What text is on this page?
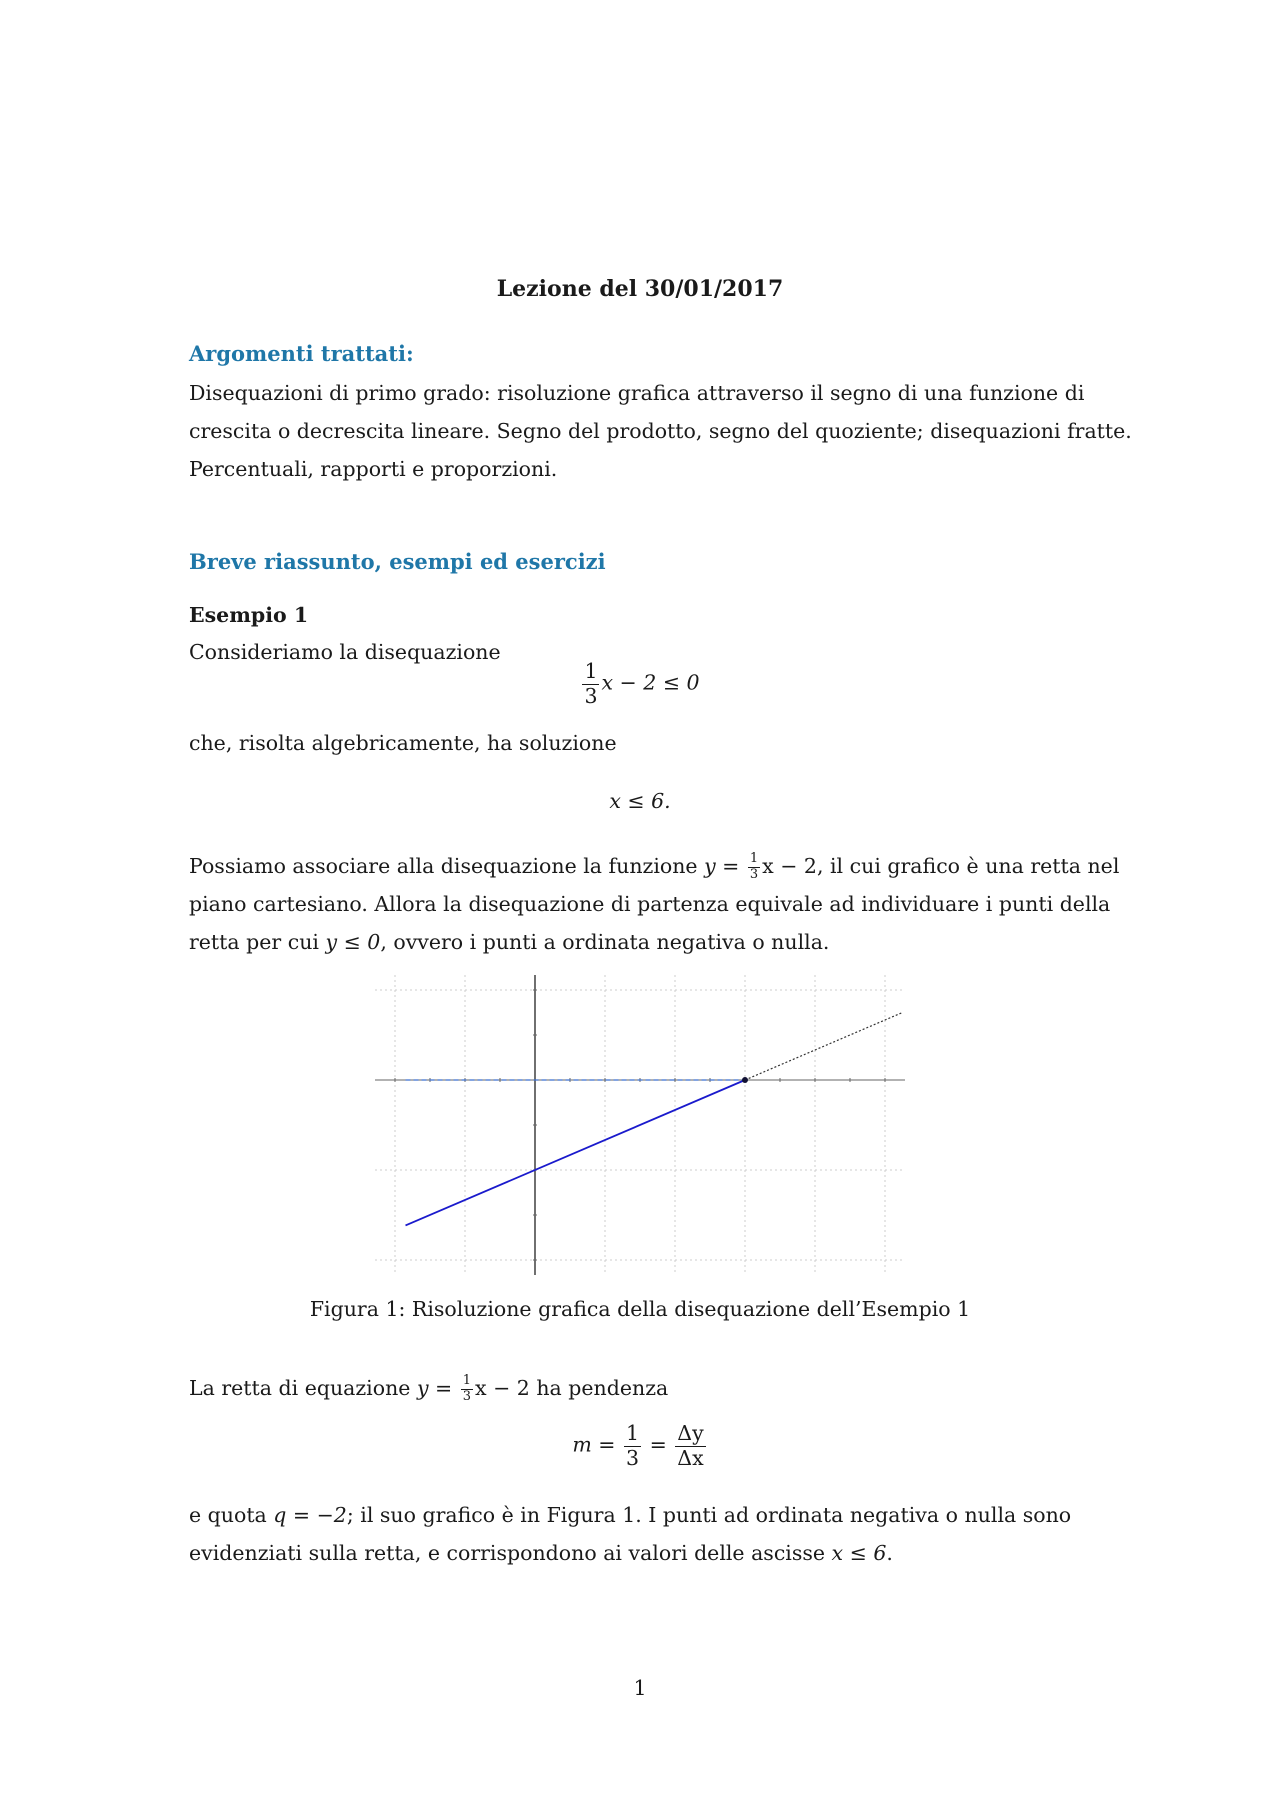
Lezione del 30/01/2017
Argomenti trattati:
Disequazioni di primo grado: risoluzione grafica attraverso il segno di una funzione di
crescita o decrescita lineare. Segno del prodotto, segno del quoziente; disequazioni fratte.
Percentuali, rapporti e proporzioni.
Breve riassunto, esempi ed esercizi
Esempio 1
Consideriamo la disequazione
$\frac{1}{3}$ x − 2 ≤ 0
che, risolta algebricamente, ha soluzione
x ≤ 6.
Possiamo associare alla disequazione la funzione $y = \frac{1}{3}$ x − 2, il cui grafico è una retta nel
piano cartesiano. Allora la disequazione di partenza equivale ad individuare i punti della
retta per cui y ≤ 0, ovvero i punti a ordinata negativa o nulla.
Figura 1: Risoluzione grafica della disequazione dell’Esempio 1
La retta di equazione $y = \frac{1}{3}$ x − 2 ha pendenza
$m = \frac{1}{3} = \frac{\Delta y}{\Delta x}$
e quota q = −2; il suo grafico è in Figura 1. I punti ad ordinata negativa o nulla sono
evidenziati sulla retta, e corrispondono ai valori delle ascisse x ≤ 6.
1
